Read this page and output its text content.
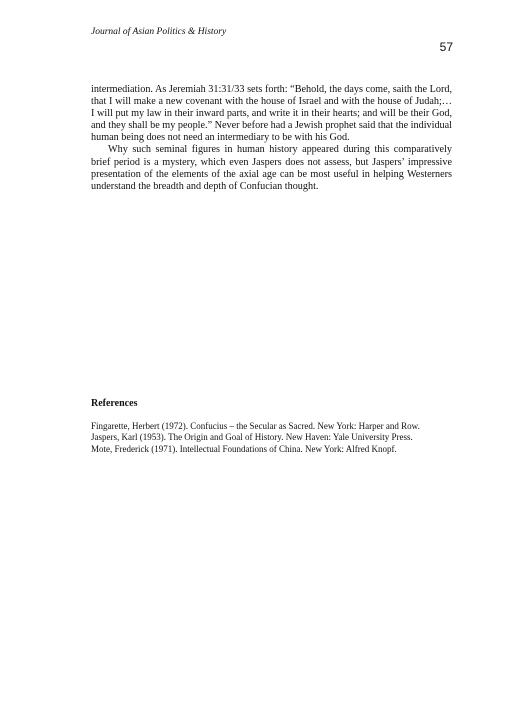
Journal of Asian Politics & History
57

intermediation. As Jeremiah 31:31/33 sets forth: “Behold, the days come, saith the Lord, that I will make a new covenant with the house of Israel and with the house of Judah;…I will put my law in their inward parts, and write it in their hearts; and will be their God, and they shall be my people.” Never before had a Jewish prophet said that the individual human being does not need an intermediary to be with his God.

Why such seminal figures in human history appeared during this comparatively brief period is a mystery, which even Jaspers does not assess, but Jaspers’ impressive presentation of the elements of the axial age can be most useful in helping Westerners understand the breadth and depth of Confucian thought.

References
Fingarette, Herbert (1972). Confucius – the Secular as Sacred. New York: Harper and Row.
Jaspers, Karl (1953). The Origin and Goal of History. New Haven: Yale University Press.
Mote, Frederick (1971). Intellectual Foundations of China. New York: Alfred Knopf.
